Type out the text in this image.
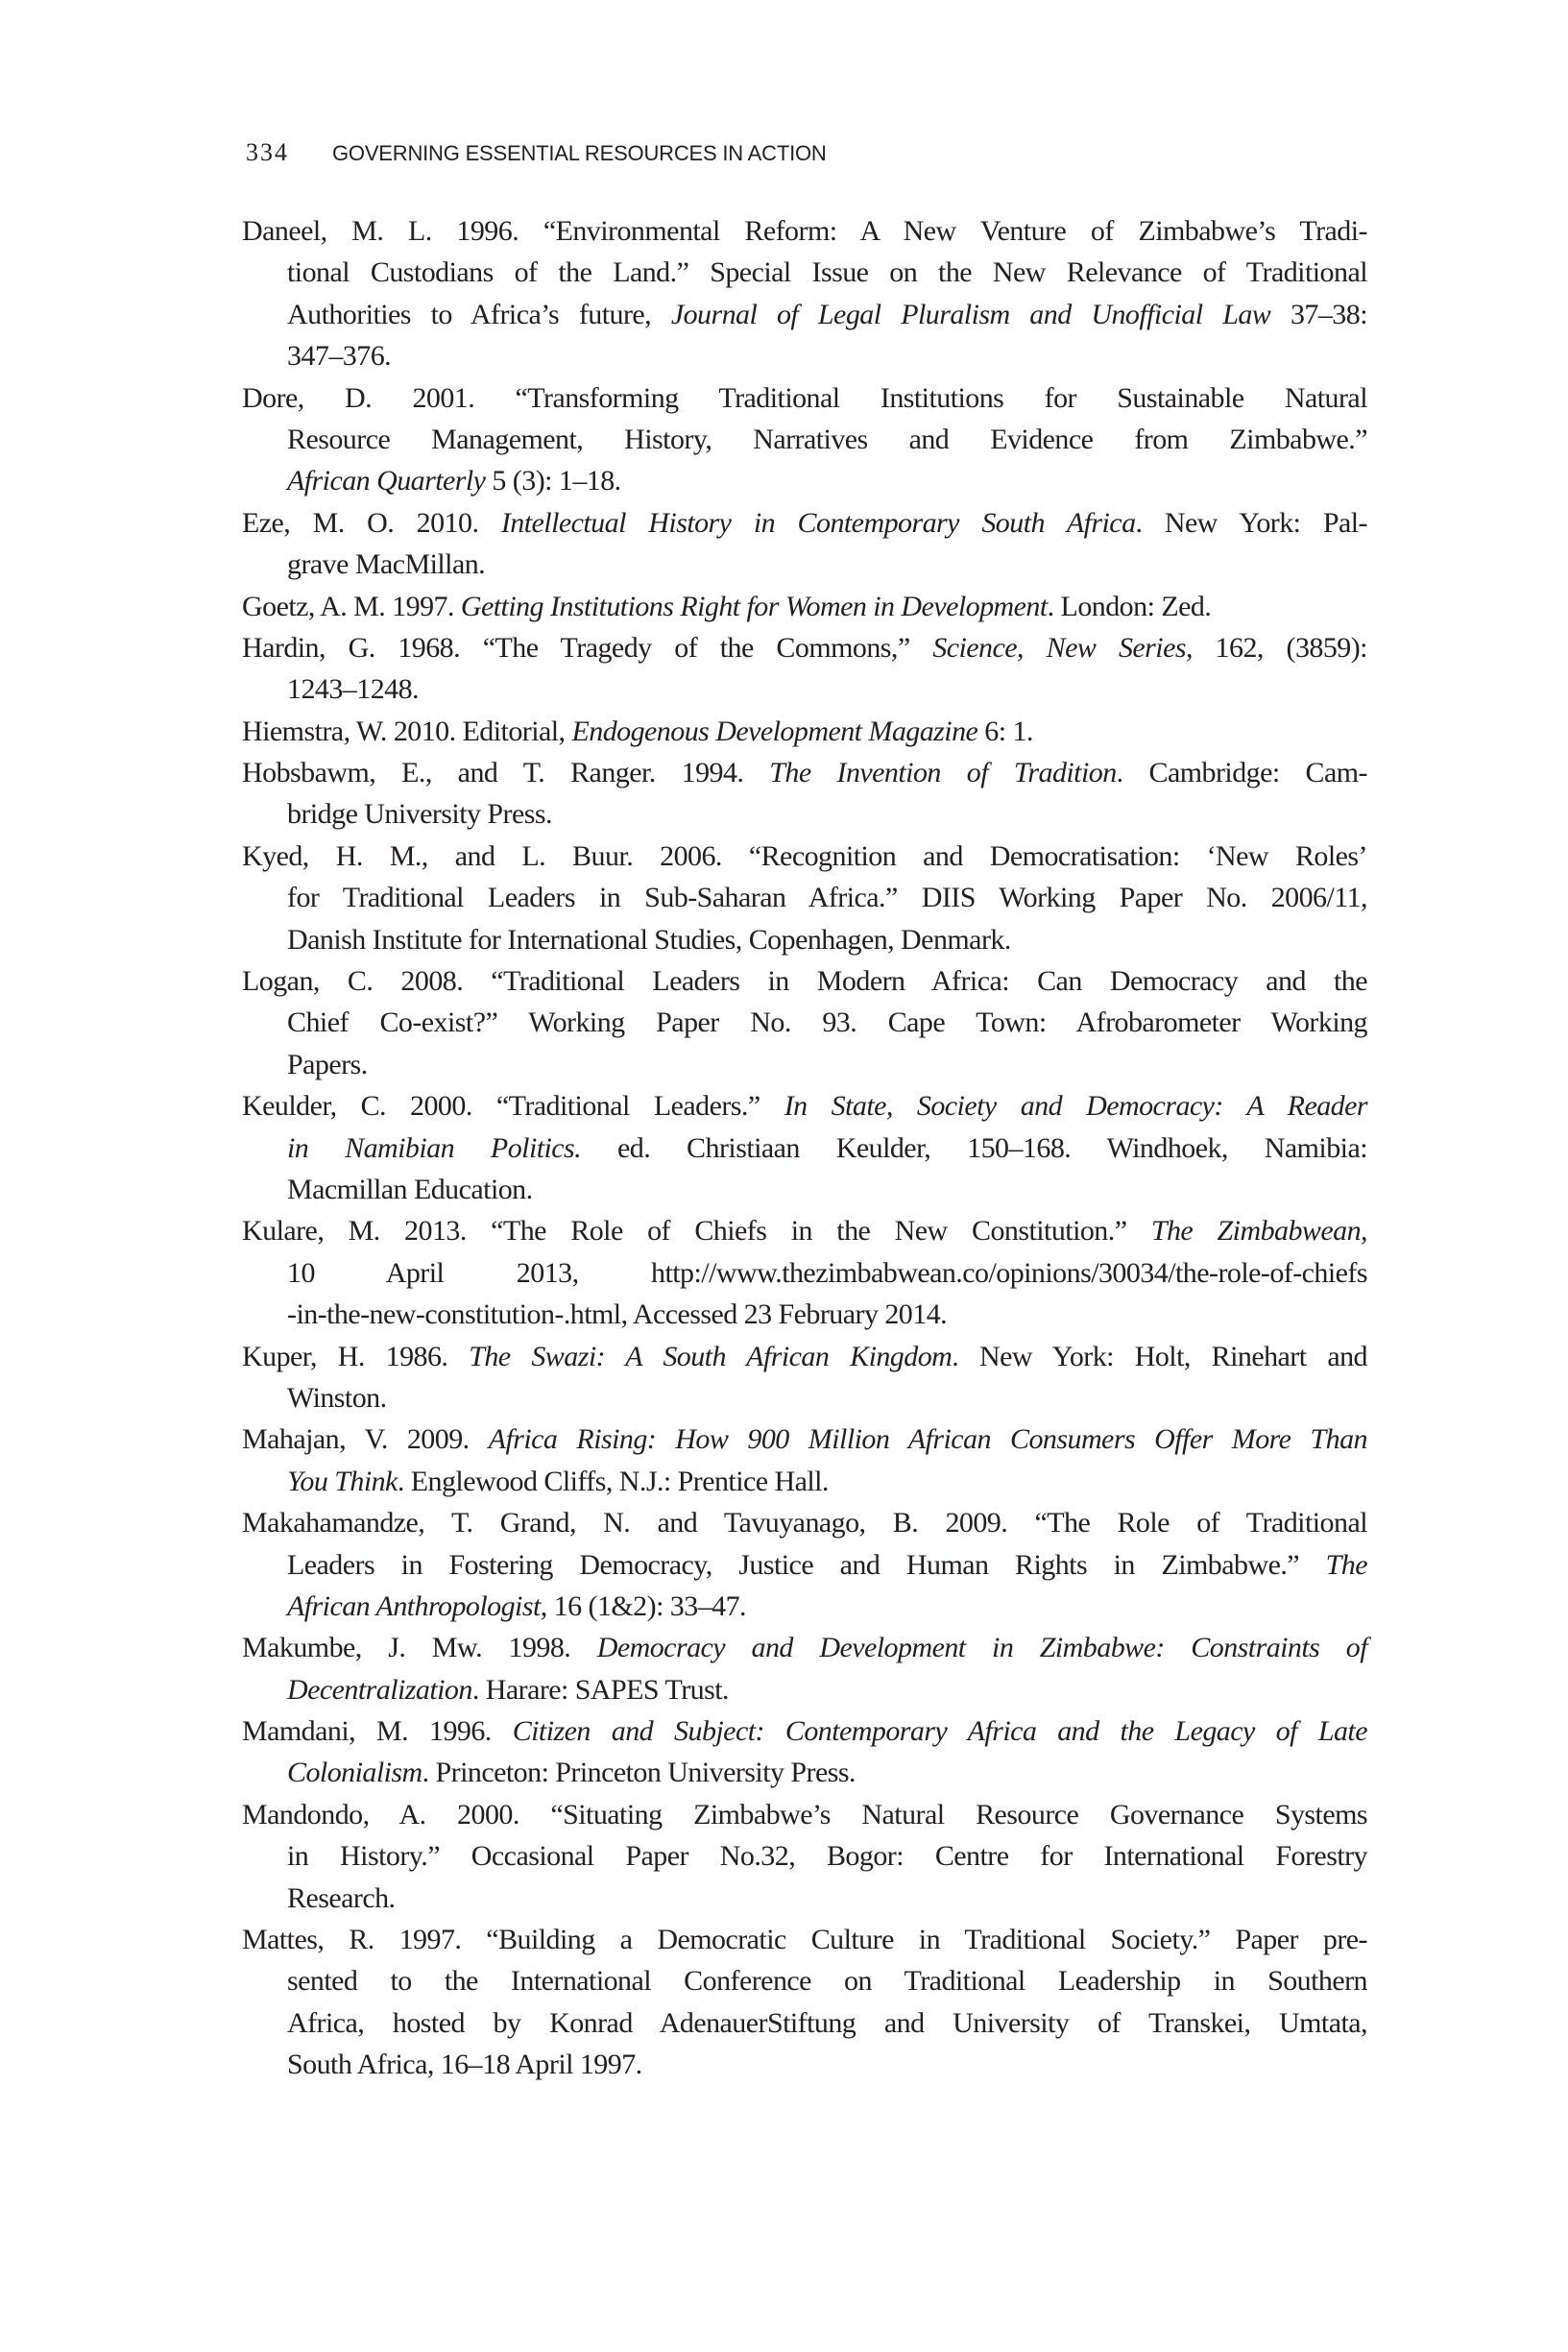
334 GOVERNING ESSENTIAL RESOURCES IN ACTION

Daneel, M. L. 1996. “Environmental Reform: A New Venture of Zimbabwe’s Tradi-
tional Custodians of the Land.” Special Issue on the New Relevance of Traditional
Authorities to Africa’s future, Journal of Legal Pluralism and Unofficial Law 37–38:
347–376.

Dore, D. 2001. “Transforming Traditional Institutions for Sustainable Natural
Resource Management, History, Narratives and Evidence from Zimbabwe.”
African Quarterly 5 (3): 1–18.

Eze, M. O. 2010. Intellectual History in Contemporary South Africa. New York: Pal-
grave MacMillan.

Goetz, A. M. 1997. Getting Institutions Right for Women in Development. London: Zed.

Hardin, G. 1968. “The Tragedy of the Commons,” Science, New Series, 162, (3859):
1243–1248.

Hiemstra, W. 2010. Editorial, Endogenous Development Magazine 6: 1.

Hobsbawm, E., and T. Ranger. 1994. The Invention of Tradition. Cambridge: Cam-
bridge University Press.

Kyed, H. M., and L. Buur. 2006. “Recognition and Democratisation: ‘New Roles’
for Traditional Leaders in Sub-Saharan Africa.” DIIS Working Paper No. 2006/11,
Danish Institute for International Studies, Copenhagen, Denmark.

Logan, C. 2008. “Traditional Leaders in Modern Africa: Can Democracy and the
Chief Co-exist?” Working Paper No. 93. Cape Town: Afrobarometer Working
Papers.

Keulder, C. 2000. “Traditional Leaders.” In State, Society and Democracy: A Reader
in Namibian Politics. ed. Christiaan Keulder, 150–168. Windhoek, Namibia:
Macmillan Education.

Kulare, M. 2013. “The Role of Chiefs in the New Constitution.” The Zimbabwean,
10 April 2013, http://www.thezimbabwean.co/opinions/30034/the-role-of-chiefs
-in-the-new-constitution-.html, Accessed 23 February 2014.

Kuper, H. 1986. The Swazi: A South African Kingdom. New York: Holt, Rinehart and
Winston.

Mahajan, V. 2009. Africa Rising: How 900 Million African Consumers Offer More Than
You Think. Englewood Cliffs, N.J.: Prentice Hall.

Makahamandze, T. Grand, N. and Tavuyanago, B. 2009. “The Role of Traditional
Leaders in Fostering Democracy, Justice and Human Rights in Zimbabwe.” The
African Anthropologist, 16 (1&2): 33–47.

Makumbe, J. Mw. 1998. Democracy and Development in Zimbabwe: Constraints of
Decentralization. Harare: SAPES Trust.

Mamdani, M. 1996. Citizen and Subject: Contemporary Africa and the Legacy of Late
Colonialism. Princeton: Princeton University Press.

Mandondo, A. 2000. “Situating Zimbabwe’s Natural Resource Governance Systems
in History.” Occasional Paper No.32, Bogor: Centre for International Forestry
Research.

Mattes, R. 1997. “Building a Democratic Culture in Traditional Society.” Paper pre-
sented to the International Conference on Traditional Leadership in Southern
Africa, hosted by Konrad AdenauerStiftung and University of Transkei, Umtata,
South Africa, 16–18 April 1997.
